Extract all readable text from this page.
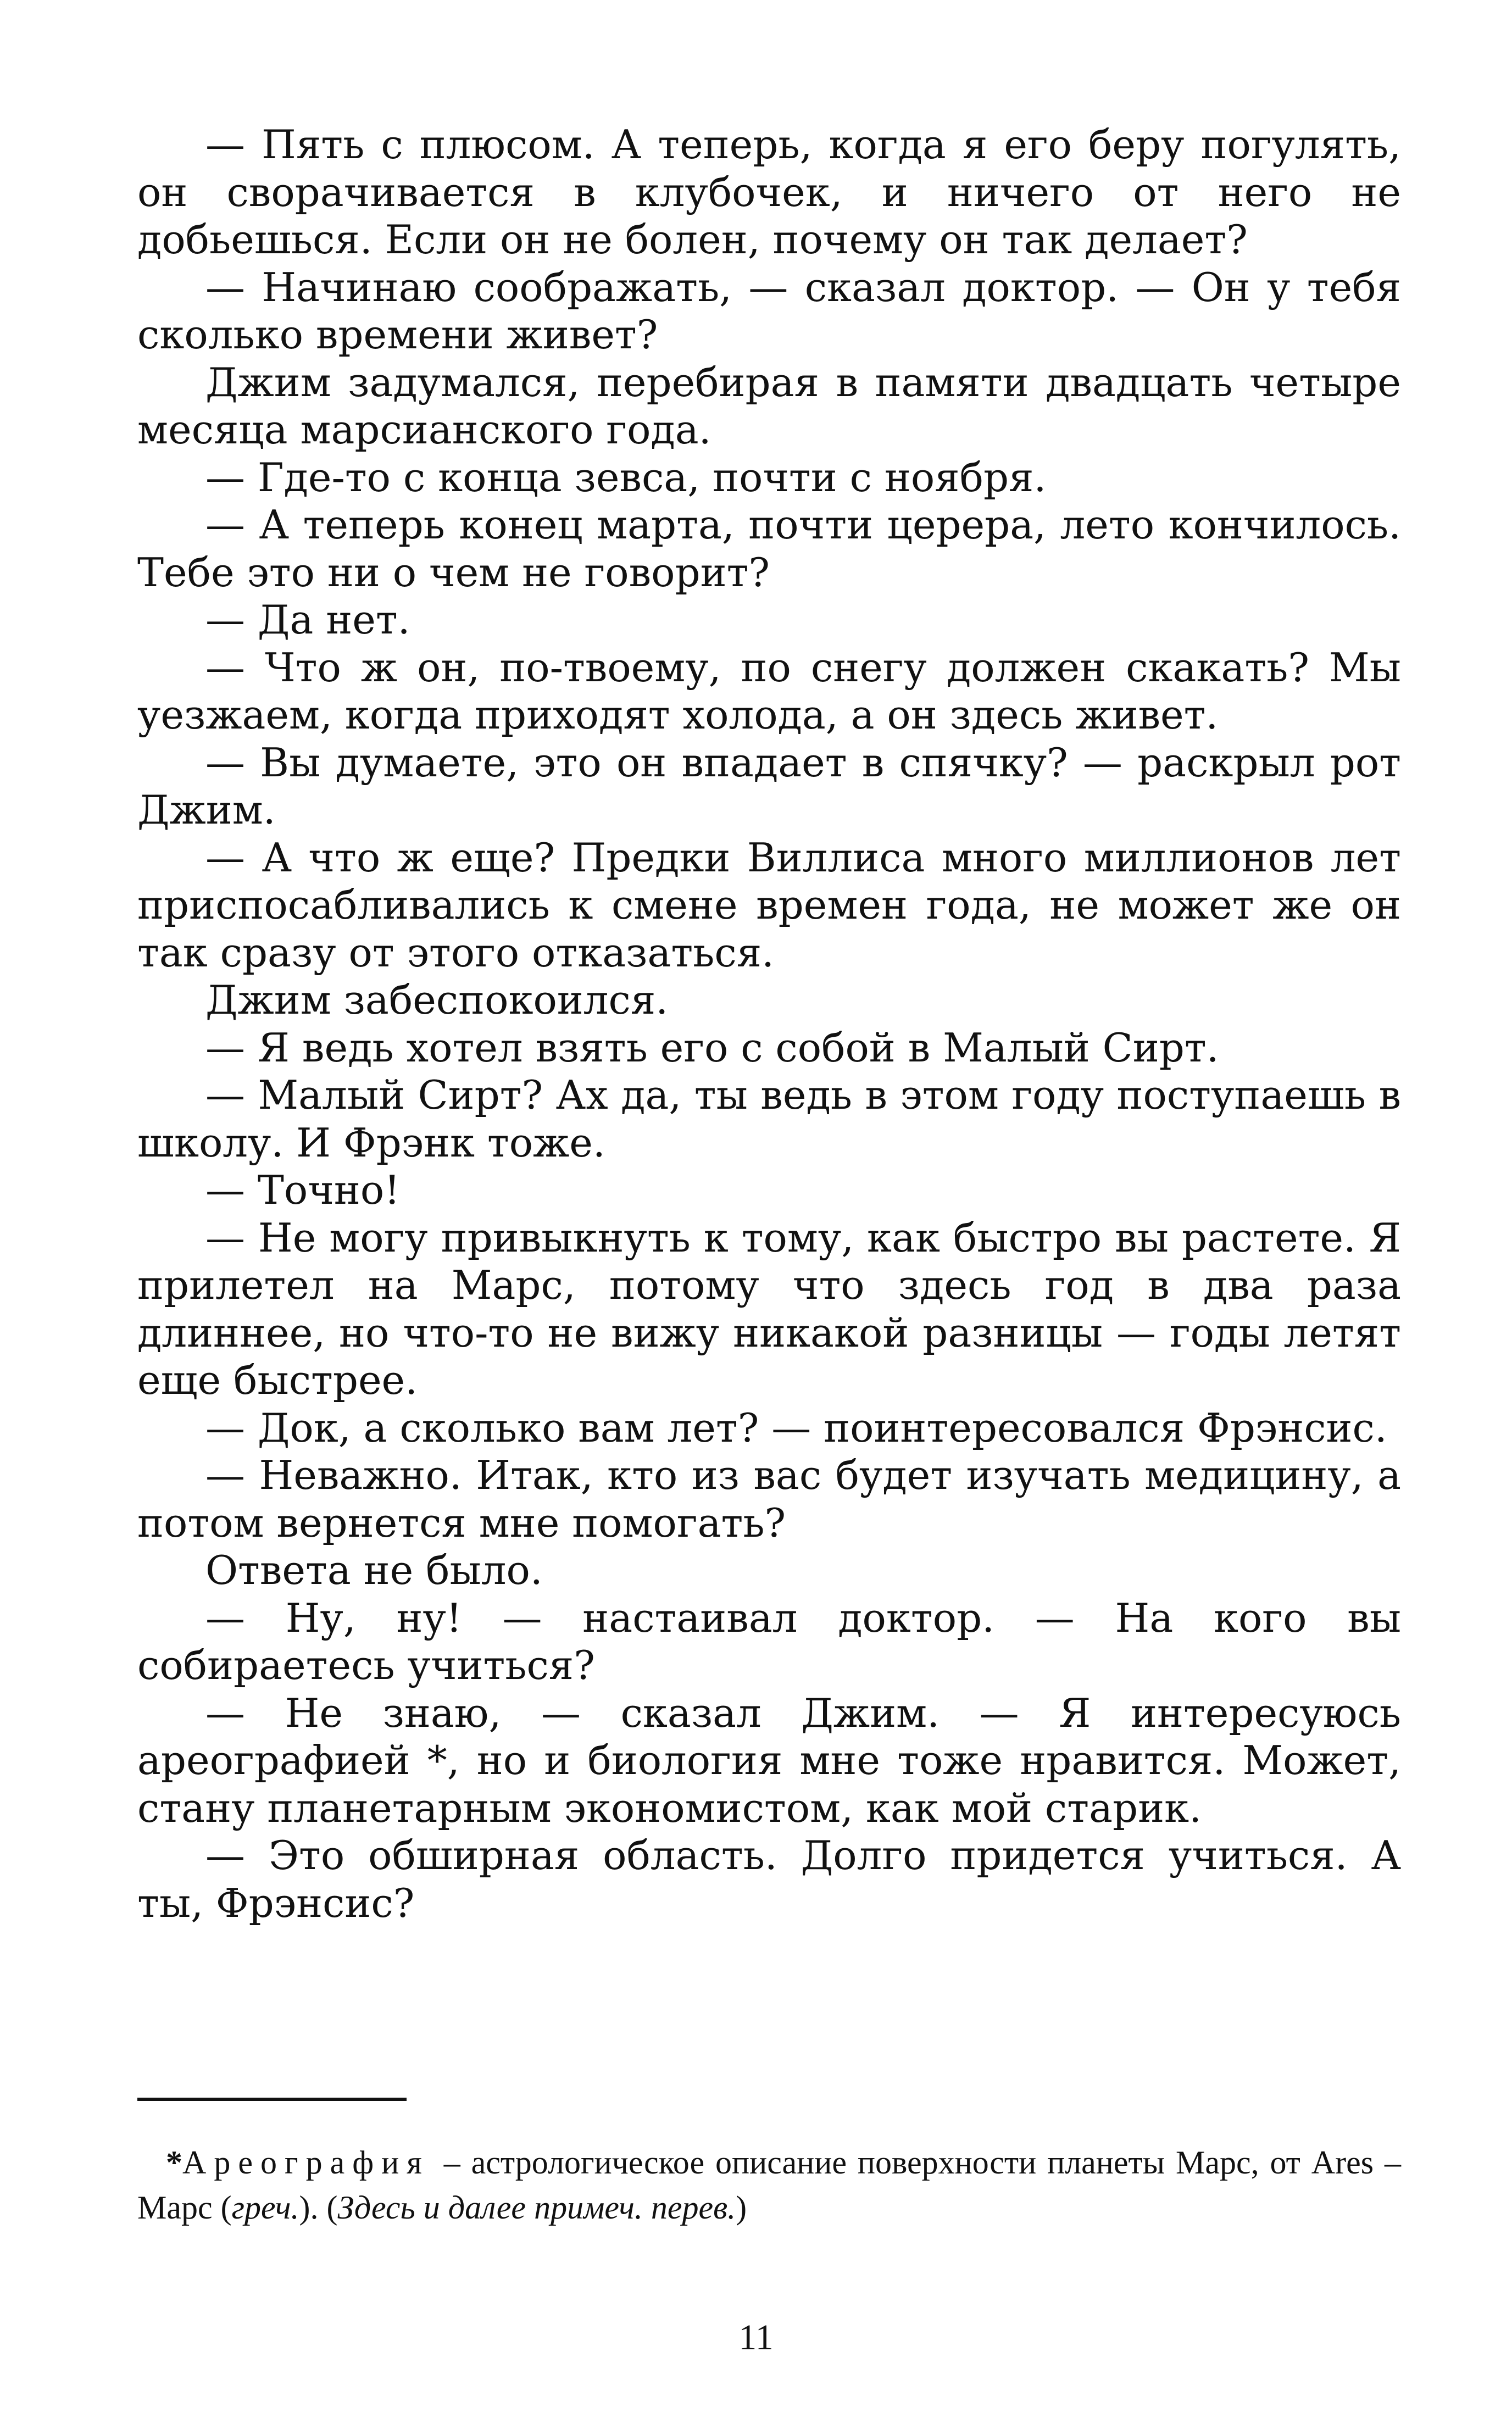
— Пять с плюсом. А теперь, когда я его беру погулять, он сворачивается в клубочек, и ничего от него не добьешься. Если он не болен, почему он так делает?

— Начинаю соображать, — сказал доктор. — Он у тебя сколько времени живет?

Джим задумался, перебирая в памяти двадцать четыре месяца марсианского года.

— Где-то с конца зевса, почти с ноября.

— А теперь конец марта, почти церера, лето кончилось. Тебе это ни о чем не говорит?

— Да нет.

— Что ж он, по-твоему, по снегу должен скакать? Мы уезжаем, когда приходят холода, а он здесь живет.

— Вы думаете, это он впадает в спячку? — раскрыл рот Джим.

— А что ж еще? Предки Виллиса много миллионов лет приспосабливались к смене времен года, не может же он так сразу от этого отказаться.

Джим забеспокоился.

— Я ведь хотел взять его с собой в Малый Сирт.

— Малый Сирт? Ах да, ты ведь в этом году поступаешь в школу. И Фрэнк тоже.

— Точно!

— Не могу привыкнуть к тому, как быстро вы растете. Я прилетел на Марс, потому что здесь год в два раза длиннее, но что-то не вижу никакой разницы — годы летят еще быстрее.

— Док, а сколько вам лет? — поинтересовался Фрэнсис.

— Неважно. Итак, кто из вас будет изучать медицину, а потом вернется мне помогать?

Ответа не было.

— Ну, ну! — настаивал доктор. — На кого вы собираетесь учиться?

— Не знаю, — сказал Джим. — Я интересуюсь ареографией *, но и биология мне тоже нравится. Может, стану планетарным экономистом, как мой старик.

— Это обширная область. Долго придется учиться. А ты, Фрэнсис?

*Ареография – астрологическое описание поверхности планеты Марс, от Ares – Марс (греч.). (Здесь и далее примеч. перев.)

11
